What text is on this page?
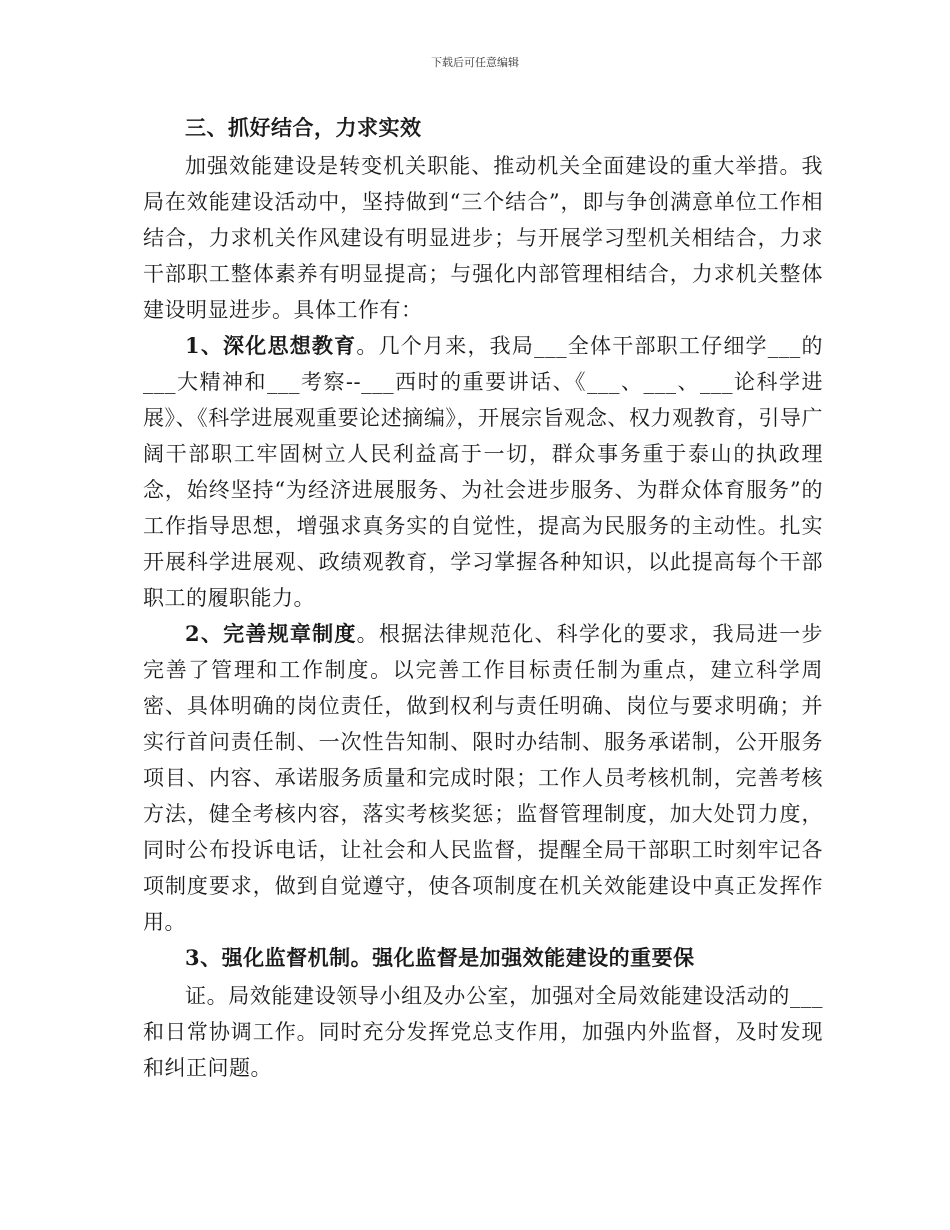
下载后可任意编辑

三、抓好结合，力求实效

加强效能建设是转变机关职能、推动机关全面建设的重大举措。我局在效能建设活动中，坚持做到“三个结合”，即与争创满意单位工作相结合，力求机关作风建设有明显进步；与开展学习型机关相结合，力求干部职工整体素养有明显提高；与强化内部管理相结合，力求机关整体建设明显进步。具体工作有：

1、深化思想教育。几个月来，我局___全体干部职工仔细学___的___大精神和___考察--___西时的重要讲话、《___、___、___论科学进展》、《科学进展观重要论述摘编》，开展宗旨观念、权力观教育，引导广阔干部职工牢固树立人民利益高于一切，群众事务重于泰山的执政理念，始终坚持“为经济进展服务、为社会进步服务、为群众体育服务”的工作指导思想，增强求真务实的自觉性，提高为民服务的主动性。扎实开展科学进展观、政绩观教育，学习掌握各种知识，以此提高每个干部职工的履职能力。

2、完善规章制度。根据法律规范化、科学化的要求，我局进一步完善了管理和工作制度。以完善工作目标责任制为重点，建立科学周密、具体明确的岗位责任，做到权利与责任明确、岗位与要求明确；并实行首问责任制、一次性告知制、限时办结制、服务承诺制，公开服务项目、内容、承诺服务质量和完成时限；工作人员考核机制，完善考核方法，健全考核内容，落实考核奖惩；监督管理制度，加大处罚力度，同时公布投诉电话，让社会和人民监督，提醒全局干部职工时刻牢记各项制度要求，做到自觉遵守，使各项制度在机关效能建设中真正发挥作用。

3、强化监督机制。强化监督是加强效能建设的重要保

证。局效能建设领导小组及办公室，加强对全局效能建设活动的___和日常协调工作。同时充分发挥党总支作用，加强内外监督，及时发现和纠正问题。
